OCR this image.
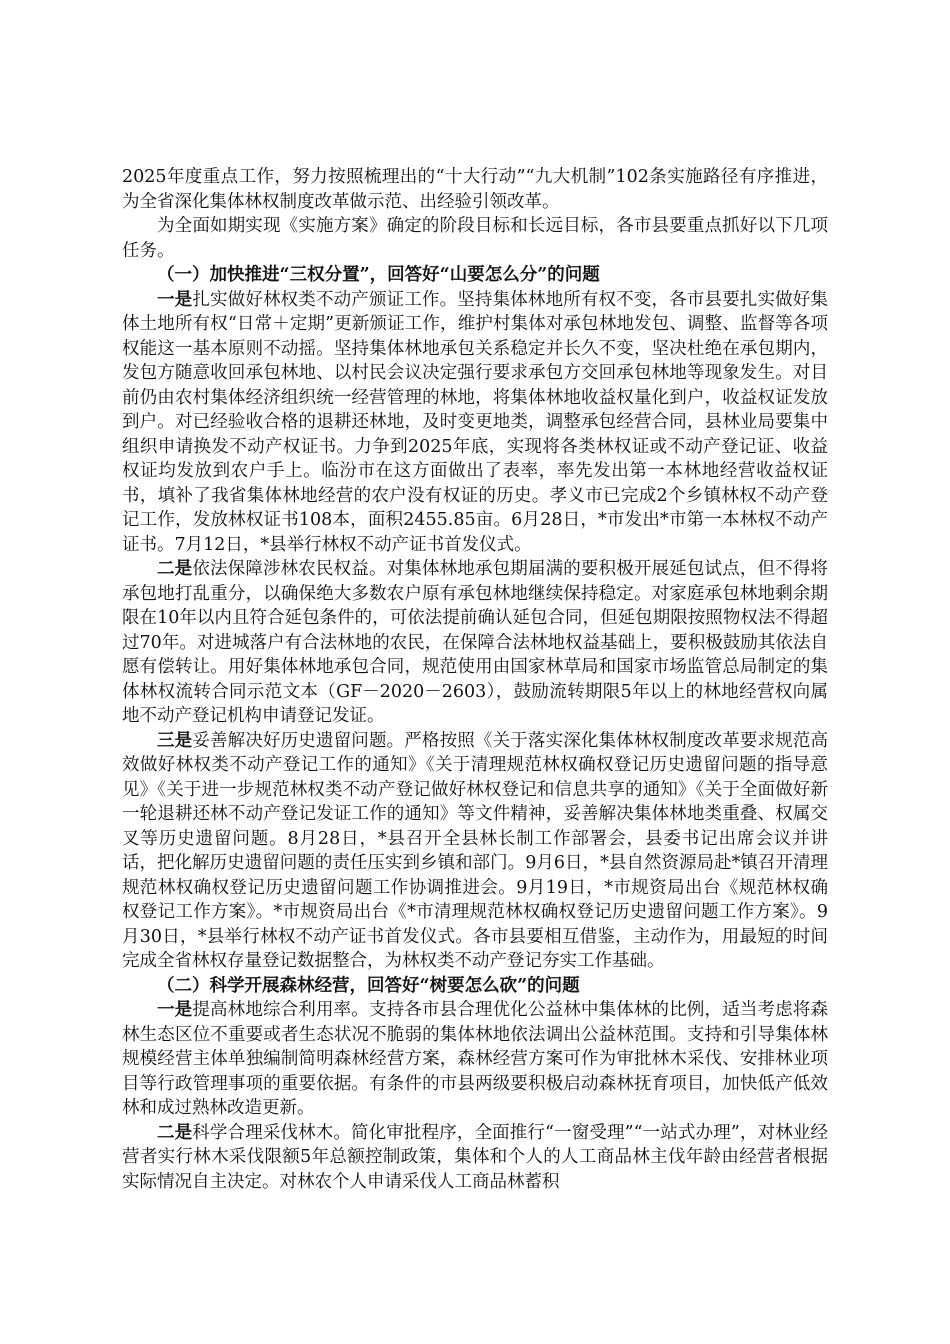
2025年度重点工作，努力按照梳理出的“十大行动”“九大机制”102条实施路径有序推进，为全省深化集体林权制度改革做示范、出经验引领改革。

为全面如期实现《实施方案》确定的阶段目标和长远目标，各市县要重点抓好以下几项任务。

（一）加快推进“三权分置”，回答好“山要怎么分”的问题

一是扎实做好林权类不动产颁证工作。坚持集体林地所有权不变，各市县要扎实做好集体土地所有权“日常＋定期”更新颁证工作，维护村集体对承包林地发包、调整、监督等各项权能这一基本原则不动摇。坚持集体林地承包关系稳定并长久不变，坚决杜绝在承包期内，发包方随意收回承包林地、以村民会议决定强行要求承包方交回承包林地等现象发生。对目前仍由农村集体经济组织统一经营管理的林地，将集体林地收益权量化到户，收益权证发放到户。对已经验收合格的退耕还林地，及时变更地类，调整承包经营合同，县林业局要集中组织申请换发不动产权证书。力争到2025年底，实现将各类林权证或不动产登记证、收益权证均发放到农户手上。临汾市在这方面做出了表率，率先发出第一本林地经营收益权证书，填补了我省集体林地经营的农户没有权证的历史。孝义市已完成2个乡镇林权不动产登记工作，发放林权证书108本，面积2455.85亩。6月28日，*市发出*市第一本林权不动产证书。7月12日，*县举行林权不动产证书首发仪式。

二是依法保障涉林农民权益。对集体林地承包期届满的要积极开展延包试点，但不得将承包地打乱重分，以确保绝大多数农户原有承包林地继续保持稳定。对家庭承包林地剩余期限在10年以内且符合延包条件的，可依法提前确认延包合同，但延包期限按照物权法不得超过70年。对进城落户有合法林地的农民，在保障合法林地权益基础上，要积极鼓励其依法自愿有偿转让。用好集体林地承包合同，规范使用由国家林草局和国家市场监管总局制定的集体林权流转合同示范文本（GF－2020－2603），鼓励流转期限5年以上的林地经营权向属地不动产登记机构申请登记发证。

三是妥善解决好历史遗留问题。严格按照《关于落实深化集体林权制度改革要求规范高效做好林权类不动产登记工作的通知》《关于清理规范林权确权登记历史遗留问题的指导意见》《关于进一步规范林权类不动产登记做好林权登记和信息共享的通知》《关于全面做好新一轮退耕还林不动产登记发证工作的通知》等文件精神，妥善解决集体林地类重叠、权属交叉等历史遗留问题。8月28日，*县召开全县林长制工作部署会，县委书记出席会议并讲话，把化解历史遗留问题的责任压实到乡镇和部门。9月6日，*县自然资源局赴*镇召开清理规范林权确权登记历史遗留问题工作协调推进会。9月19日，*市规资局出台《规范林权确权登记工作方案》。*市规资局出台《*市清理规范林权确权登记历史遗留问题工作方案》。9月30日，*县举行林权不动产证书首发仪式。各市县要相互借鉴，主动作为，用最短的时间完成全省林权存量登记数据整合，为林权类不动产登记夯实工作基础。

（二）科学开展森林经营，回答好“树要怎么砍”的问题

一是提高林地综合利用率。支持各市县合理优化公益林中集体林的比例，适当考虑将森林生态区位不重要或者生态状况不脆弱的集体林地依法调出公益林范围。支持和引导集体林规模经营主体单独编制简明森林经营方案，森林经营方案可作为审批林木采伐、安排林业项目等行政管理事项的重要依据。有条件的市县两级要积极启动森林抚育项目，加快低产低效林和成过熟林改造更新。

二是科学合理采伐林木。简化审批程序，全面推行“一窗受理”“一站式办理”，对林业经营者实行林木采伐限额5年总额控制政策，集体和个人的人工商品林主伐年龄由经营者根据实际情况自主决定。对林农个人申请采伐人工商品林蓄积
